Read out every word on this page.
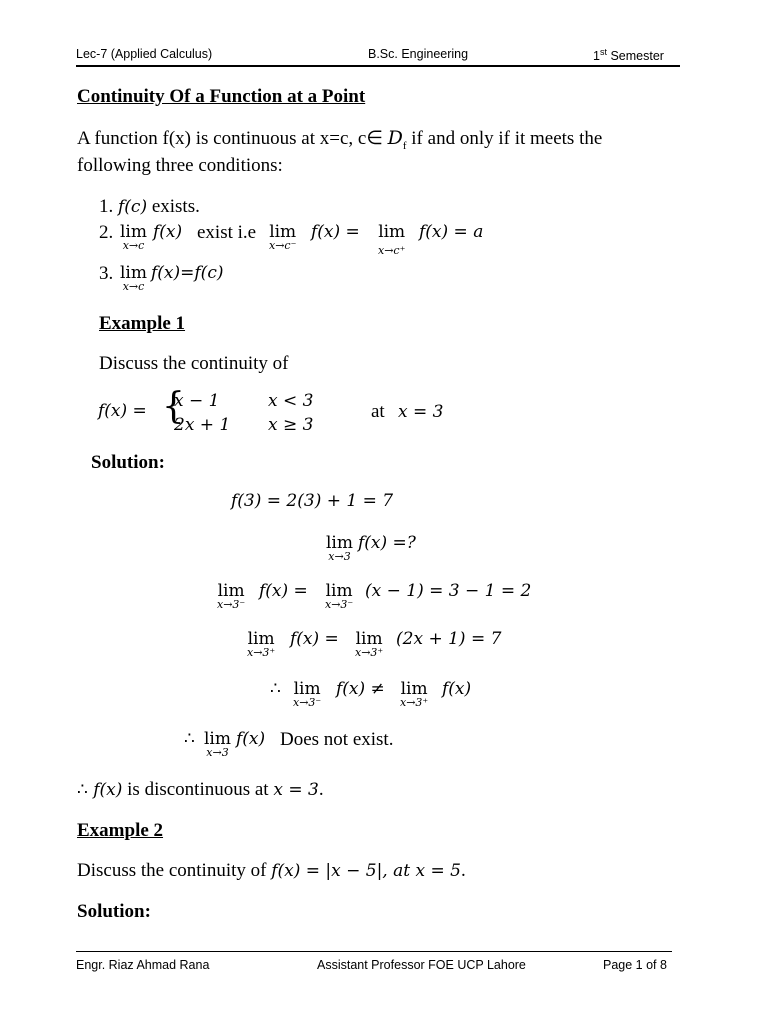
Lec-7 (Applied Calculus)	B.Sc. Engineering	1st Semester
Continuity Of a Function at a Point
A function f(x) is continuous at x=c, c∈ $D_f$ if and only if it meets the
following three conditions:
1. f(c) exists.
2. lim
x→c
f(x) exist i.e lim
x→c⁻
f(x) = lim
x→c⁺
f(x) = a
3. lim
x→c
f(x)=f(c)
Example 1
Discuss the continuity of
f(x) = {
x − 1	x < 3
2x + 1 x ≥ 3
at x = 3
Solution:
f(3) = 2(3) + 1 = 7
lim
x→3
f(x) =?
lim
x→3⁻
f(x) = lim
x→3⁻
(x − 1) = 3 − 1 = 2
lim
x→3⁺
f(x) = lim
x→3⁺
(2x + 1) = 7
∴ lim
x→3⁻
f(x) ≠ lim
x→3⁺
f(x)
∴ lim
x→3
f(x) Does not exist.
∴ f(x) is discontinuous at x = 3.
Example 2
Discuss the continuity of f(x) = |x − 5|, at x = 5.
Solution:
Engr. Riaz Ahmad Rana	Assistant Professor FOE UCP Lahore	Page 1 of 8
